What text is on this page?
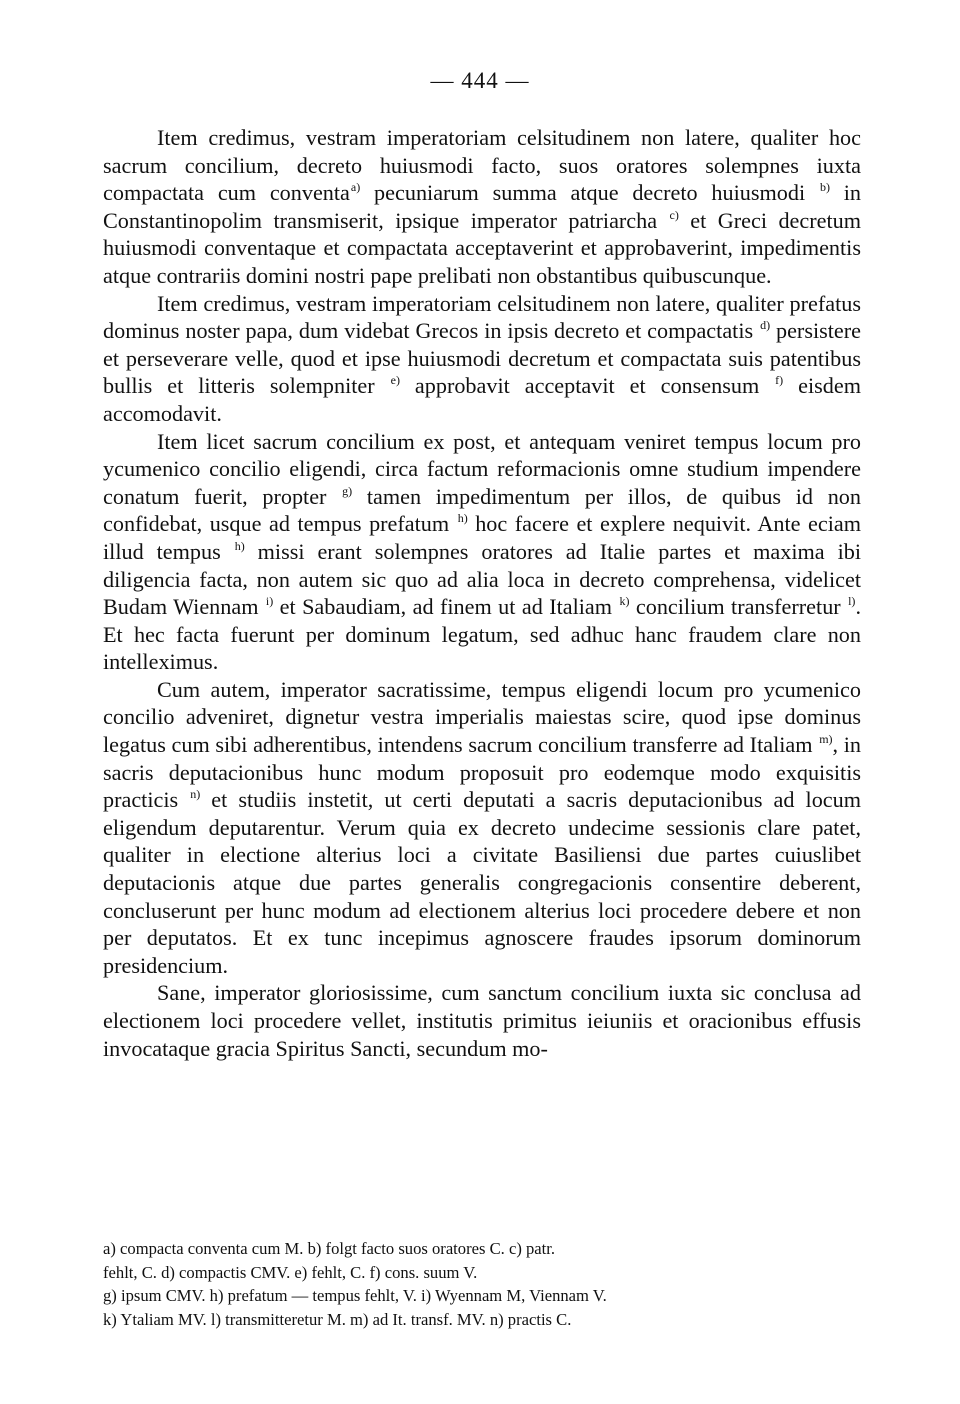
— 444 —

Item credimus, vestram imperatoriam celsitudinem non latere, qualiter hoc sacrum concilium, decreto huiusmodi facto, suos oratores solempnes iuxta compactata cum conventa$^{a)}$ pecuniarum summa atque decreto huiusmodi $^{b)}$ in Constantinopolim transmiserit, ipsique imperator patriarcha $^{c)}$ et Greci decretum huiusmodi conventaque et compactata acceptaverint et approbaverint, impedimentis atque contrariis domini nostri pape prelibati non obstantibus quibuscunque.

Item credimus, vestram imperatoriam celsitudinem non latere, qualiter prefatus dominus noster papa, dum videbat Grecos in ipsis decreto et compactatis $^{d)}$ persistere et perseverare velle, quod et ipse huiusmodi decretum et compactata suis patentibus bullis et litteris solempniter $^{e)}$ approbavit acceptavit et consensum $^{f)}$ eisdem accomodavit.

Item licet sacrum concilium ex post, et antequam veniret tempus locum pro ycumenico concilio eligendi, circa factum reformacionis omne studium impendere conatum fuerit, propter $^{g)}$ tamen impedimentum per illos, de quibus id non confidebat, usque ad tempus prefatum $^{h)}$ hoc facere et explere nequivit. Ante eciam illud tempus $^{h)}$ missi erant solempnes oratores ad Italie partes et maxima ibi diligencia facta, non autem sic quo ad alia loca in decreto comprehensa, videlicet Budam Wiennam $^{i)}$ et Sabaudiam, ad finem ut ad Italiam $^{k)}$ concilium transferretur $^{l)}$. Et hec facta fuerunt per dominum legatum, sed adhuc hanc fraudem clare non intelleximus.

Cum autem, imperator sacratissime, tempus eligendi locum pro ycumenico concilio adveniret, dignetur vestra imperialis maiestas scire, quod ipse dominus legatus cum sibi adherentibus, intendens sacrum concilium transferre ad Italiam $^{m)}$, in sacris deputacionibus hunc modum proposuit pro eodemque modo exquisitis practicis $^{n)}$ et studiis instetit, ut certi deputati a sacris deputacionibus ad locum eligendum deputarentur. Verum quia ex decreto undecime sessionis clare patet, qualiter in electione alterius loci a civitate Basiliensi due partes cuiuslibet deputacionis atque due partes generalis congregacionis consentire deberent, concluserunt per hunc modum ad electionem alterius loci procedere debere et non per deputatos. Et ex tunc incepimus agnoscere fraudes ipsorum dominorum presidencium.

Sane, imperator gloriosissime, cum sanctum concilium iuxta sic conclusa ad electionem loci procedere vellet, institutis primitus ieiuniis et oracionibus effusis invocataque gracia Spiritus Sancti, secundum mo-

a) compacta conventa cum M. b) folgt facto suos oratores C. c) patr.

fehlt, C. d) compactis CMV. e) fehlt, C. f) cons. suum V.

g) ipsum CMV. h) prefatum — tempus fehlt, V. i) Wyennam M, Viennam V.

k) Ytaliam MV. l) transmitteretur M. m) ad It. transf. MV. n) practis C.
